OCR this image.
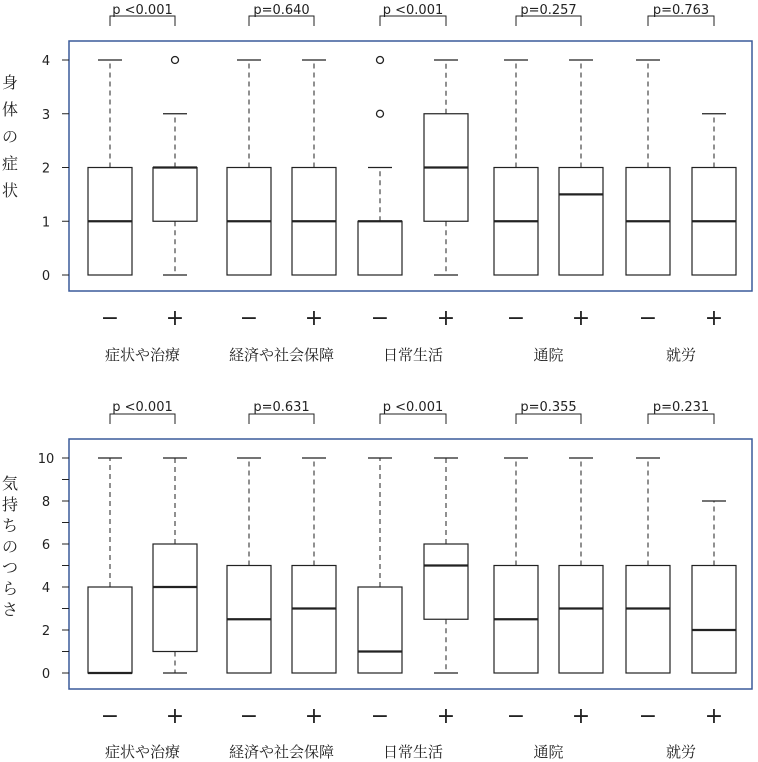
0
1
2
3
4
身
体
の
症
状
p <0.001
症状や治療
− +
p=0.640
経済や社会保障
− +
p <0.001
日常生活
− +
p=0.257
通院
− +
p=0.763
就労
− +
0
2
4
6
8
10
気
持
ち
の
つ
ら
さ
p <0.001
症状や治療
− +
p=0.631
経済や社会保障
− +
p <0.001
日常生活
− +
p=0.355
通院
− +
p=0.231
就労
− +
